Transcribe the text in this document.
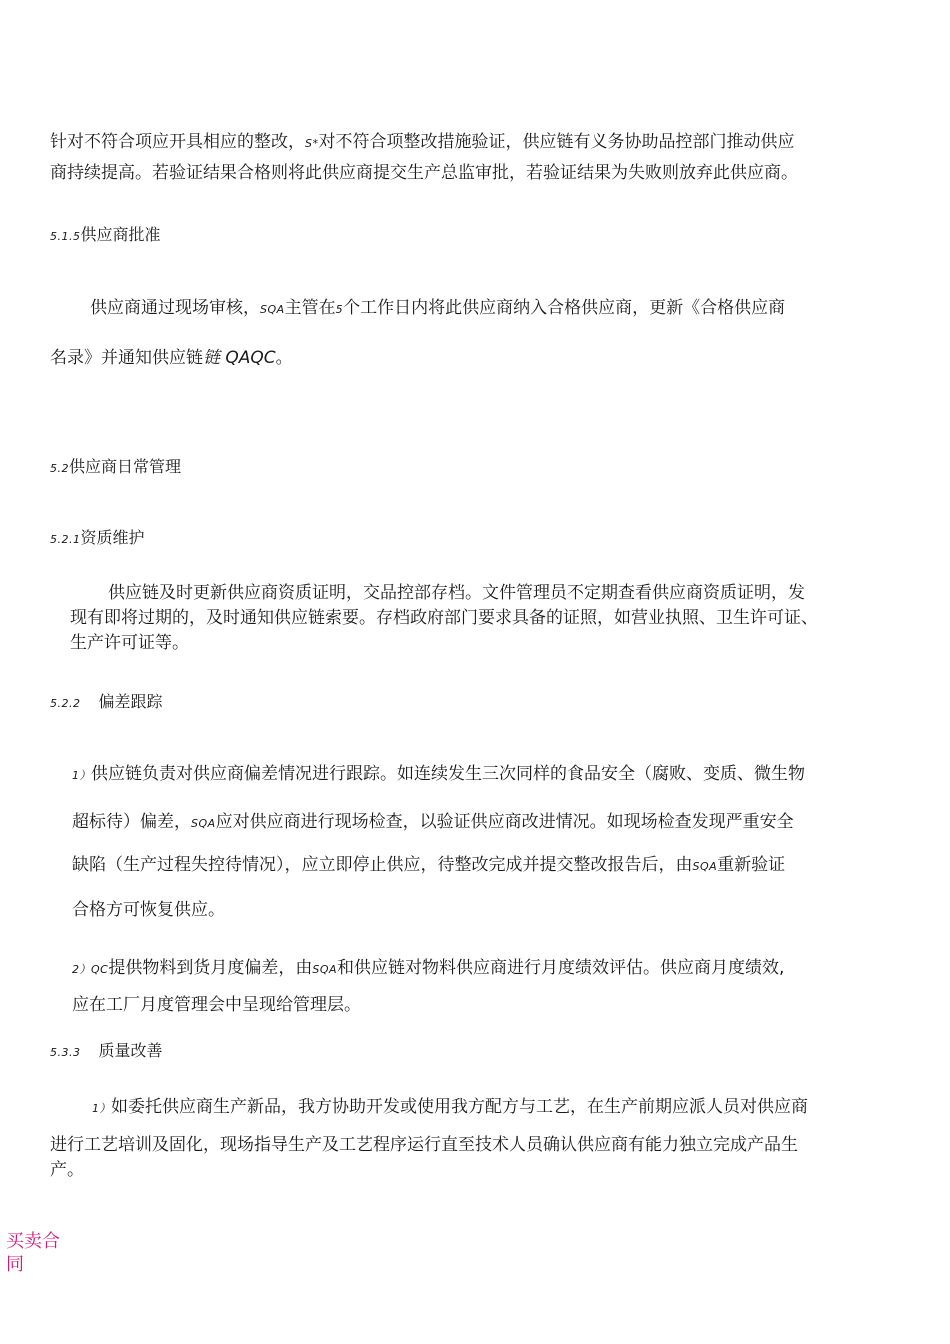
针对不符合项应开具相应的整改，S*对不符合项整改措施验证，供应链有义务协助品控部门推动供应

商持续提高。若验证结果合格则将此供应商提交生产总监审批，若验证结果为失败则放弃此供应商。

5.1.5供应商批准

供应商通过现场审核，SQA主管在5个工作日内将此供应商纳入合格供应商，更新《合格供应商

名录》并通知供应链链 QAQC。

5.2供应商日常管理

5.2.1资质维护

供应链及时更新供应商资质证明，交品控部存档。文件管理员不定期查看供应商资质证明，发

现有即将过期的，及时通知供应链索要。存档政府部门要求具备的证照，如营业执照、卫生许可证、

生产许可证等。

5.2.2 偏差跟踪

1）供应链负责对供应商偏差情况进行跟踪。如连续发生三次同样的食品安全（腐败、变质、微生物

超标待）偏差，SQA应对供应商进行现场检查，以验证供应商改进情况。如现场检查发现严重安全

缺陷（生产过程失控待情况），应立即停止供应，待整改完成并提交整改报告后，由SQA重新验证

合格方可恢复供应。

2）QC提供物料到货月度偏差，由SQA和供应链对物料供应商进行月度绩效评估。供应商月度绩效,

应在工厂月度管理会中呈现给管理层。

5.3.3 质量改善

1）如委托供应商生产新品，我方协助开发或使用我方配方与工艺，在生产前期应派人员对供应商

进行工艺培训及固化，现场指导生产及工艺程序运行直至技术人员确认供应商有能力独立完成产品生

产。

买卖合同
